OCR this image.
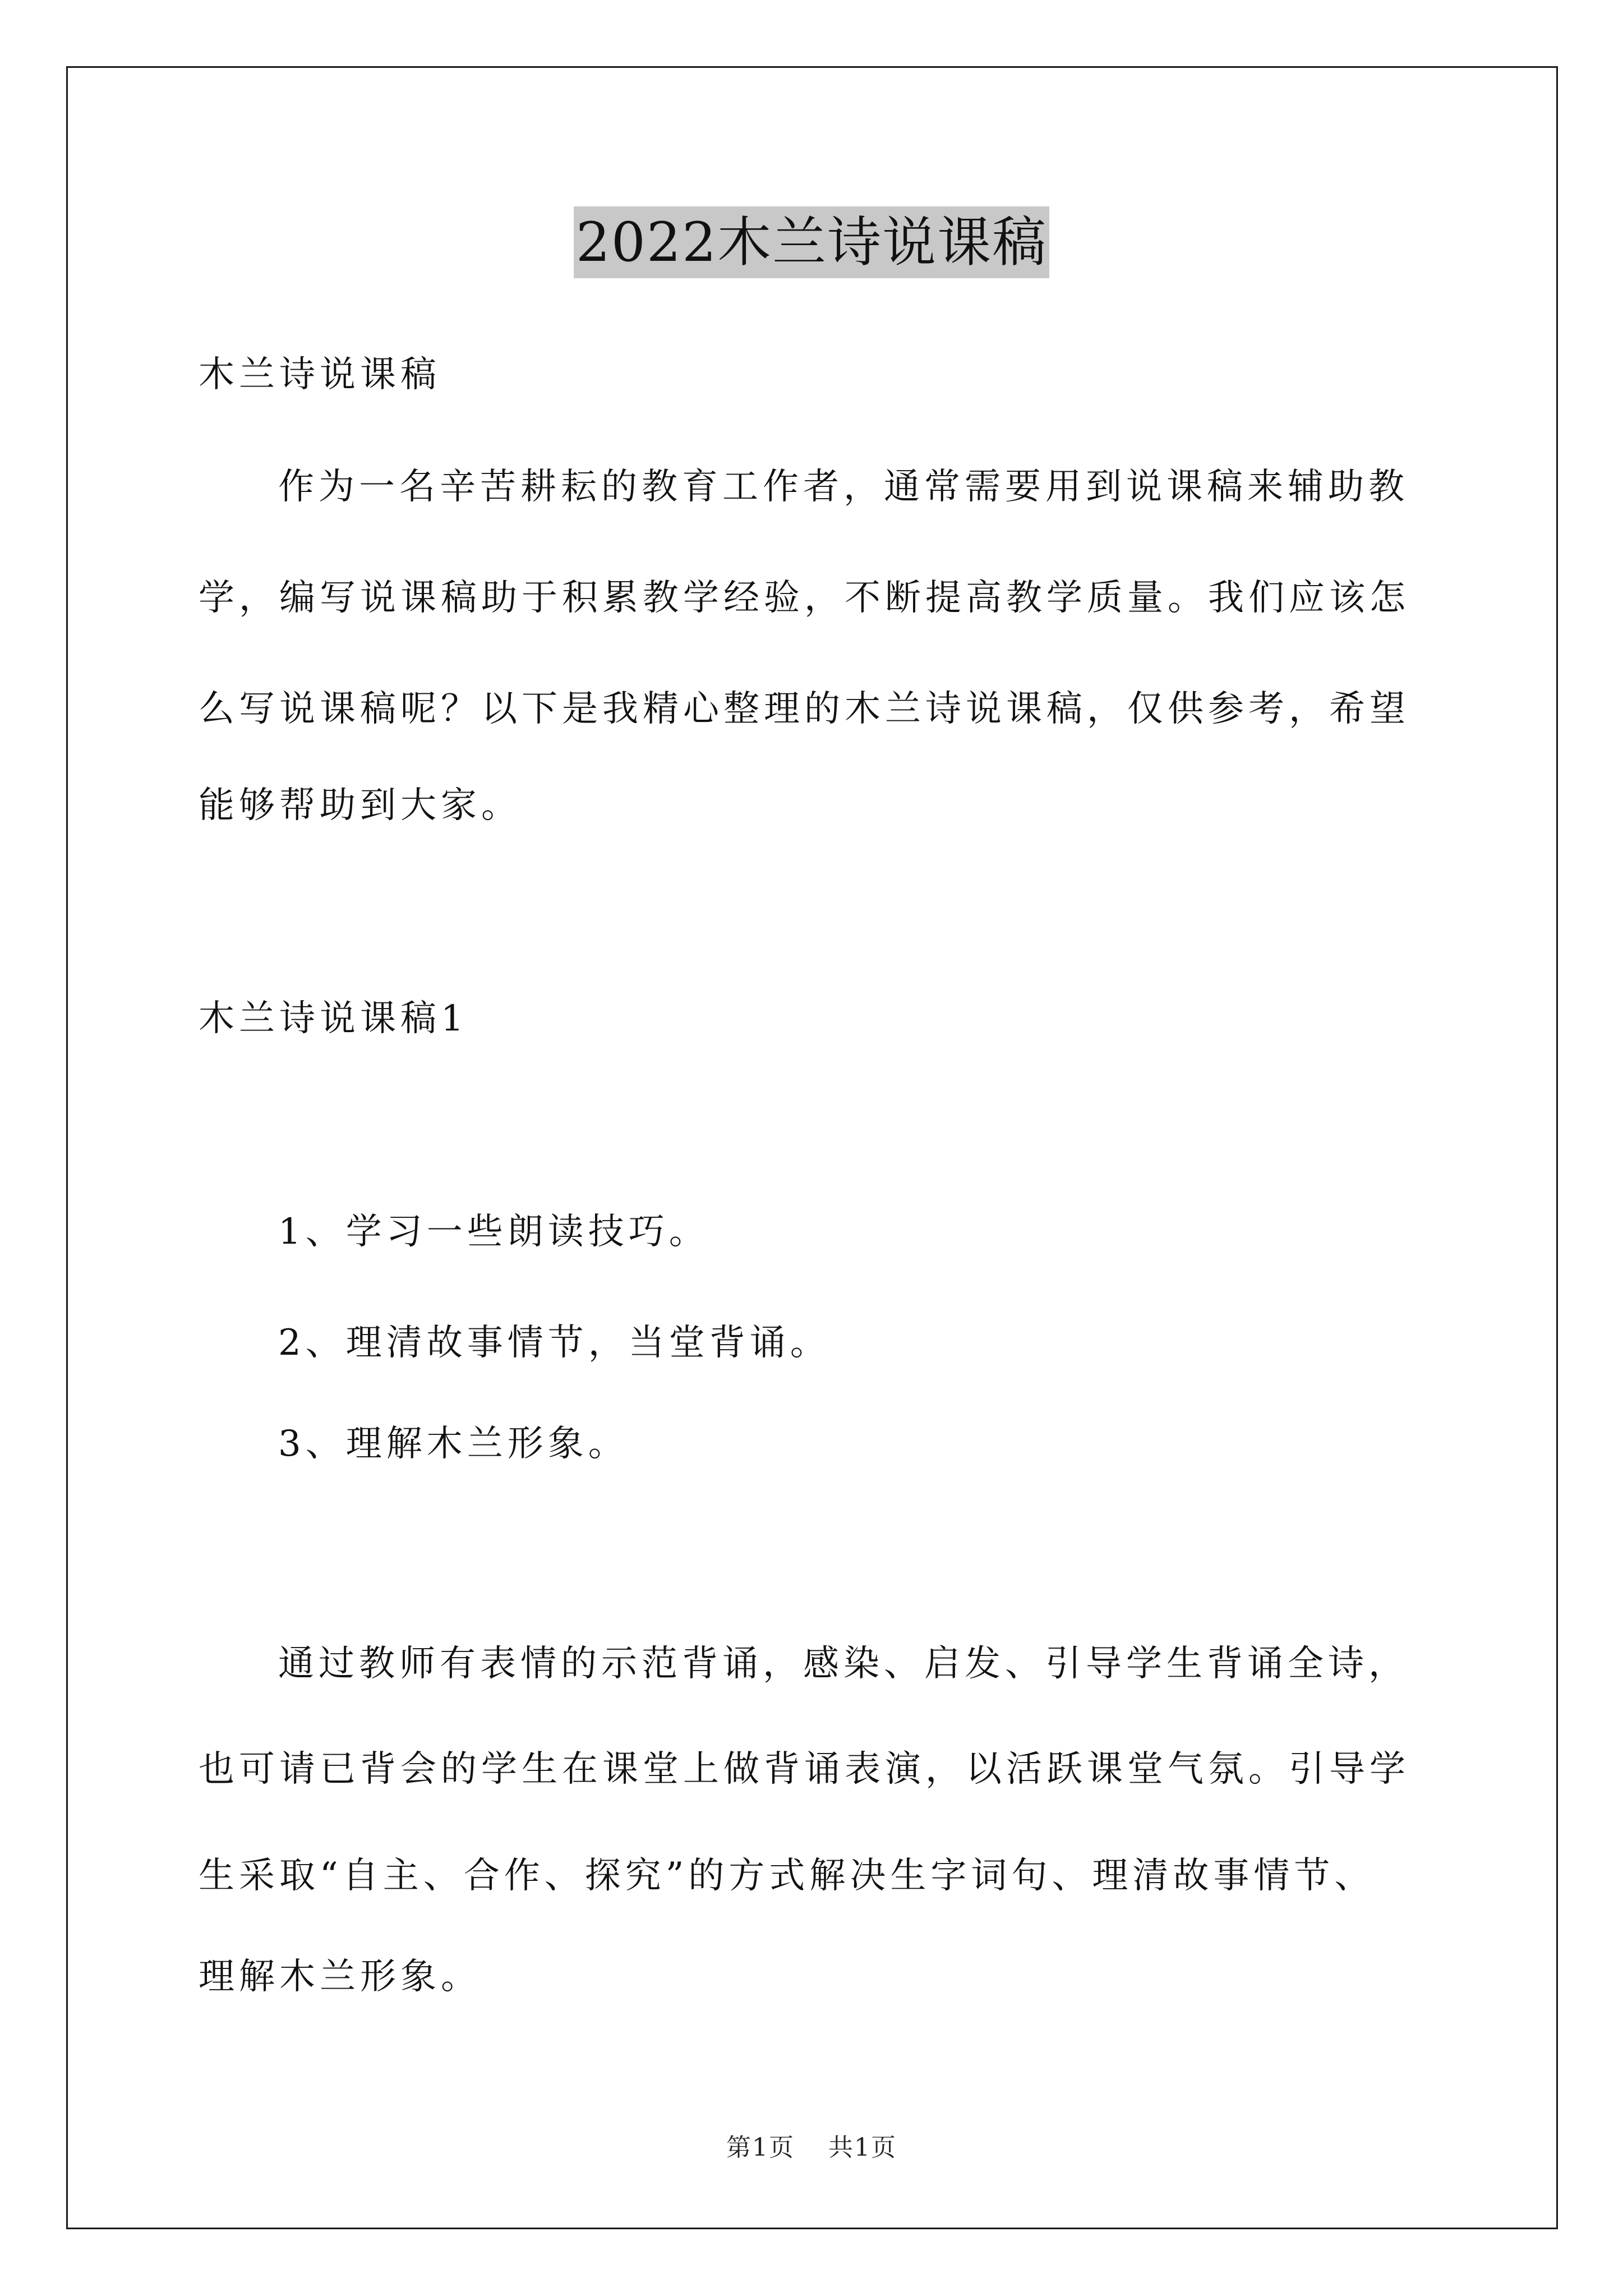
2022木兰诗说课稿
木兰诗说课稿
作为一名辛苦耕耘的教育工作者，通常需要用到说课稿来辅助教
学，编写说课稿助于积累教学经验，不断提高教学质量。我们应该怎
么写说课稿呢？以下是我精心整理的木兰诗说课稿，仅供参考，希望
能够帮助到大家。
木兰诗说课稿1
1、学习一些朗读技巧。
2、理清故事情节，当堂背诵。
3、理解木兰形象。
通过教师有表情的示范背诵，感染、启发、引导学生背诵全诗，
也可请已背会的学生在课堂上做背诵表演，以活跃课堂气氛。引导学
生采取“自主、合作、探究”的方式解决生字词句、理清故事情节、
理解木兰形象。
第1页 共1页
